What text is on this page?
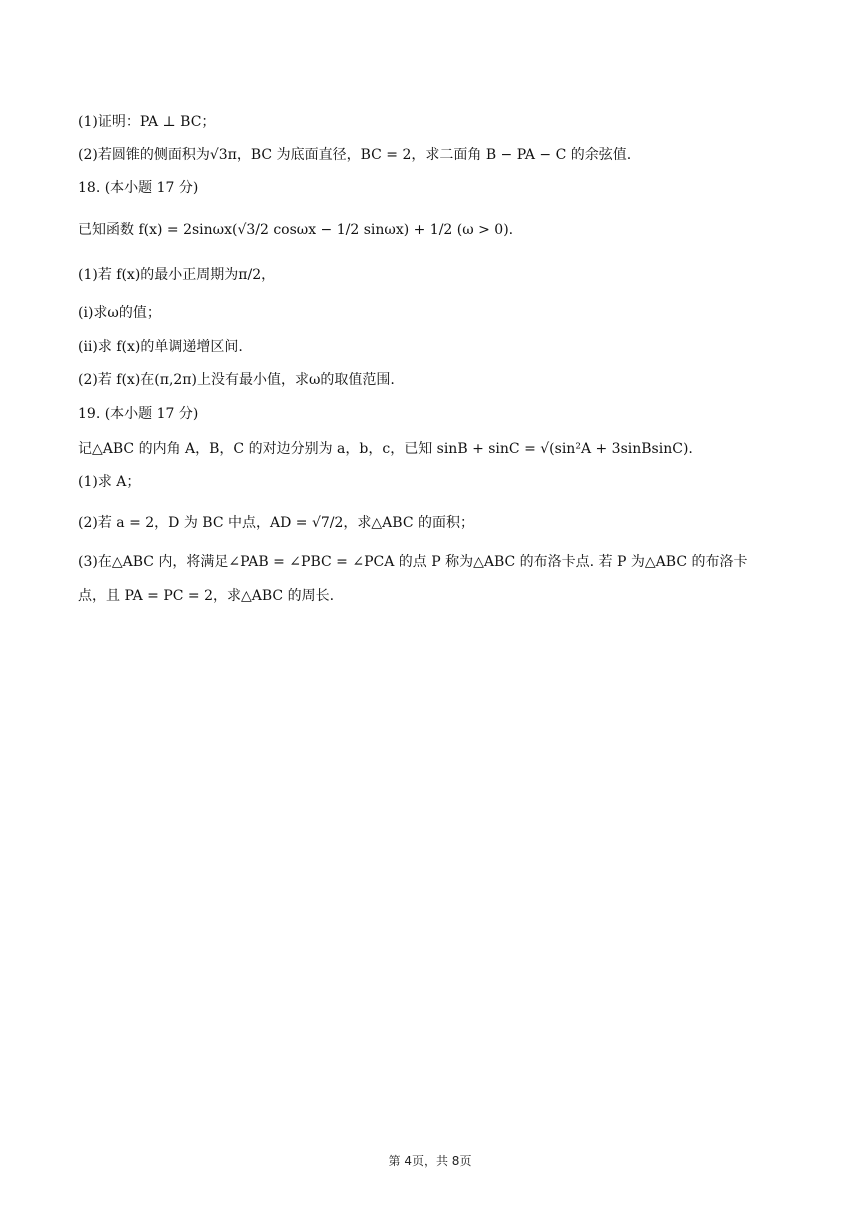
(1)证明：PA ⊥ BC；
(2)若圆锥的侧面积为√3π，BC 为底面直径，BC = 2，求二面角 B − PA − C 的余弦值.
18. (本小题 17 分)
已知函数 f(x) = 2sinωx(√3/2 cosωx − 1/2 sinωx) + 1/2 (ω > 0).
(1)若 f(x)的最小正周期为π/2，
(ⅰ)求ω的值；
(ⅱ)求 f(x)的单调递增区间.
(2)若 f(x)在(π,2π)上没有最小值，求ω的取值范围.
19. (本小题 17 分)
记△ABC 的内角 A，B，C 的对边分别为 a，b，c，已知 sinB + sinC = √(sin²A + 3sinBsinC).
(1)求 A；
(2)若 a = 2，D 为 BC 中点，AD = √7/2，求△ABC 的面积；
(3)在△ABC 内，将满足∠PAB = ∠PBC = ∠PCA 的点 P 称为△ABC 的布洛卡点. 若 P 为△ABC 的布洛卡
点，且 PA = PC = 2，求△ABC 的周长.
第 4页，共 8页
